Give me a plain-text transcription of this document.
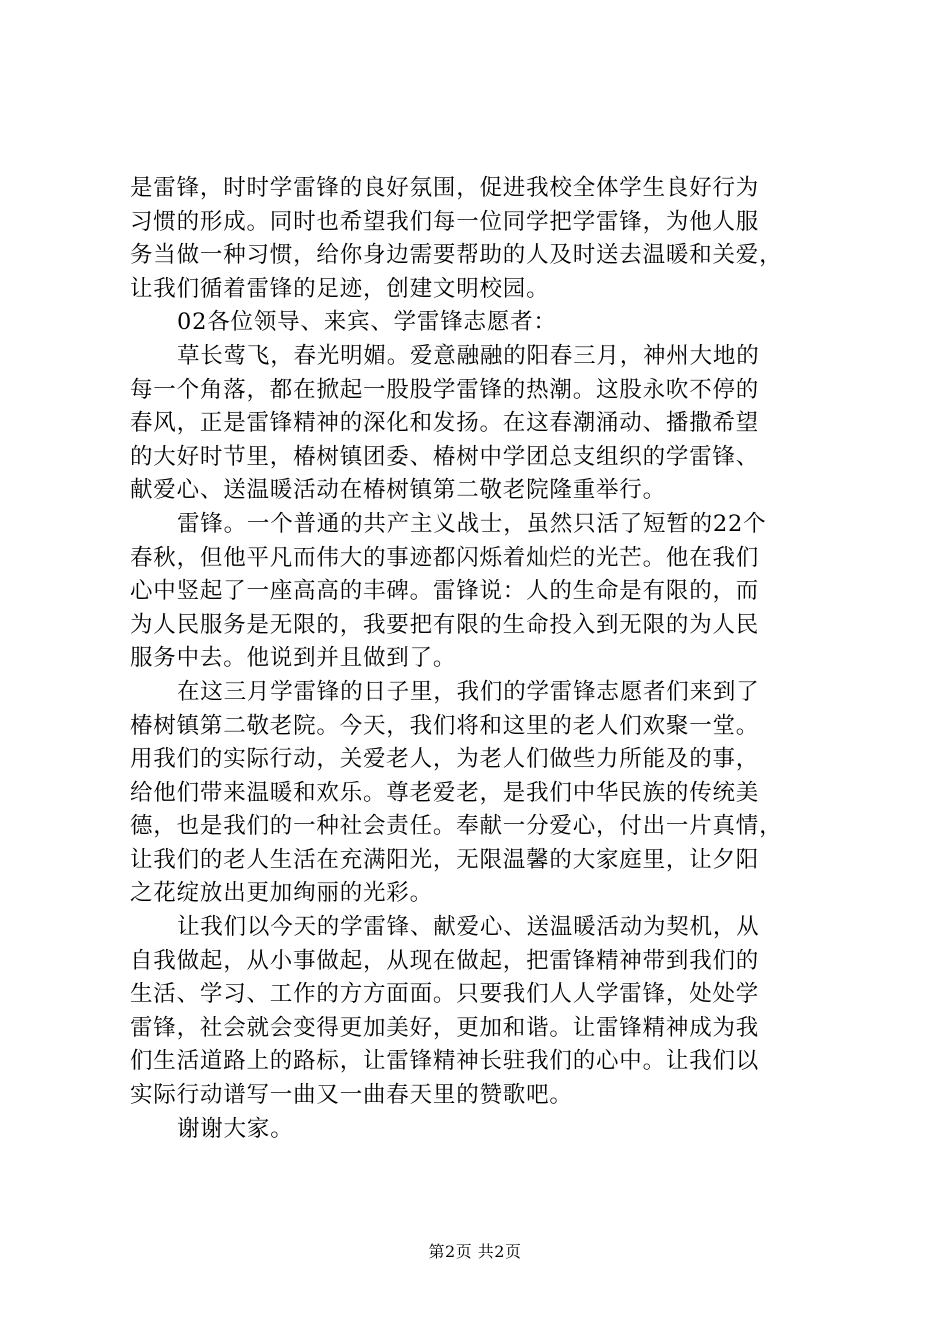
是雷锋，时时学雷锋的良好氛围，促进我校全体学生良好行为
习惯的形成。同时也希望我们每一位同学把学雷锋，为他人服
务当做一种习惯，给你身边需要帮助的人及时送去温暖和关爱，
让我们循着雷锋的足迹，创建文明校园。
02各位领导、来宾、学雷锋志愿者：
草长莺飞，春光明媚。爱意融融的阳春三月，神州大地的
每一个角落，都在掀起一股股学雷锋的热潮。这股永吹不停的
春风，正是雷锋精神的深化和发扬。在这春潮涌动、播撒希望
的大好时节里，椿树镇团委、椿树中学团总支组织的学雷锋、
献爱心、送温暖活动在椿树镇第二敬老院隆重举行。
雷锋。一个普通的共产主义战士，虽然只活了短暂的22个
春秋，但他平凡而伟大的事迹都闪烁着灿烂的光芒。他在我们
心中竖起了一座高高的丰碑。雷锋说：人的生命是有限的，而
为人民服务是无限的，我要把有限的生命投入到无限的为人民
服务中去。他说到并且做到了。
在这三月学雷锋的日子里，我们的学雷锋志愿者们来到了
椿树镇第二敬老院。今天，我们将和这里的老人们欢聚一堂。
用我们的实际行动，关爱老人，为老人们做些力所能及的事，
给他们带来温暖和欢乐。尊老爱老，是我们中华民族的传统美
德，也是我们的一种社会责任。奉献一分爱心，付出一片真情，
让我们的老人生活在充满阳光，无限温馨的大家庭里，让夕阳
之花绽放出更加绚丽的光彩。
让我们以今天的学雷锋、献爱心、送温暖活动为契机，从
自我做起，从小事做起，从现在做起，把雷锋精神带到我们的
生活、学习、工作的方方面面。只要我们人人学雷锋，处处学
雷锋，社会就会变得更加美好，更加和谐。让雷锋精神成为我
们生活道路上的路标，让雷锋精神长驻我们的心中。让我们以
实际行动谱写一曲又一曲春天里的赞歌吧。
谢谢大家。
第2页 共2页
